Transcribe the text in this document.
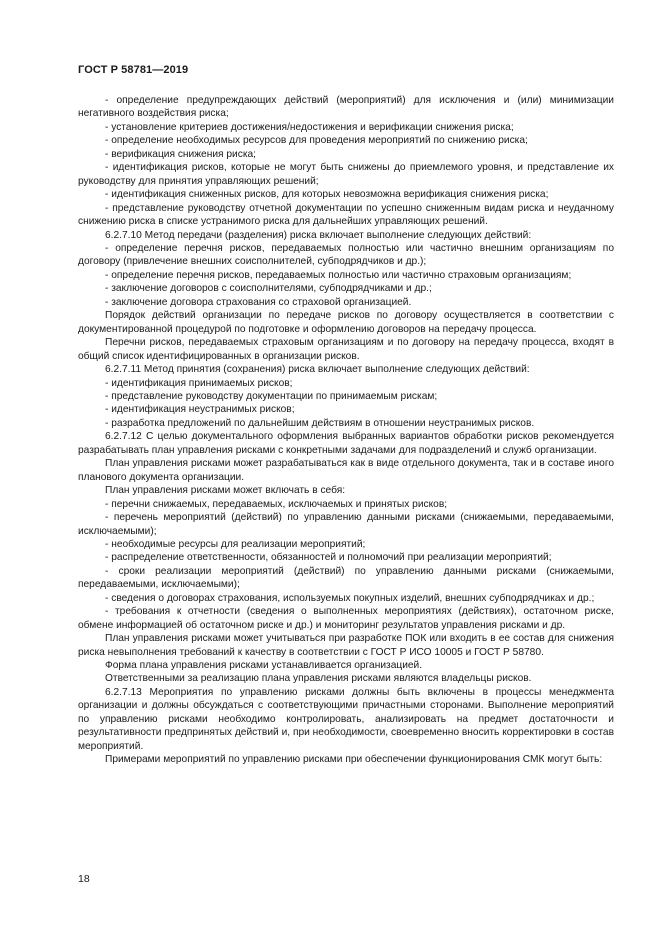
ГОСТ Р 58781—2019

- определение предупреждающих действий (мероприятий) для исключения и (или) минимизации негативного воздействия риска;

- установление критериев достижения/недостижения и верификации снижения риска;

- определение необходимых ресурсов для проведения мероприятий по снижению риска;

- верификация снижения риска;

- идентификация рисков, которые не могут быть снижены до приемлемого уровня, и представление их руководству для принятия управляющих решений;

- идентификация сниженных рисков, для которых невозможна верификация снижения риска;

- представление руководству отчетной документации по успешно сниженным видам риска и неудачному снижению риска в списке устранимого риска для дальнейших управляющих решений.

6.2.7.10 Метод передачи (разделения) риска включает выполнение следующих действий:

- определение перечня рисков, передаваемых полностью или частично внешним организациям по договору (привлечение внешних соисполнителей, субподрядчиков и др.);

- определение перечня рисков, передаваемых полностью или частично страховым организациям;

- заключение договоров с соисполнителями, субподрядчиками и др.;

- заключение договора страхования со страховой организацией.

Порядок действий организации по передаче рисков по договору осуществляется в соответствии с документированной процедурой по подготовке и оформлению договоров на передачу процесса.

Перечни рисков, передаваемых страховым организациям и по договору на передачу процесса, входят в общий список идентифицированных в организации рисков.

6.2.7.11 Метод принятия (сохранения) риска включает выполнение следующих действий:

- идентификация принимаемых рисков;

- представление руководству документации по принимаемым рискам;

- идентификация неустранимых рисков;

- разработка предложений по дальнейшим действиям в отношении неустранимых рисков.

6.2.7.12 С целью документального оформления выбранных вариантов обработки рисков рекомендуется разрабатывать план управления рисками с конкретными задачами для подразделений и служб организации.

План управления рисками может разрабатываться как в виде отдельного документа, так и в составе иного планового документа организации.

План управления рисками может включать в себя:

- перечни снижаемых, передаваемых, исключаемых и принятых рисков;

- перечень мероприятий (действий) по управлению данными рисками (снижаемыми, передаваемыми, исключаемыми);

- необходимые ресурсы для реализации мероприятий;

- распределение ответственности, обязанностей и полномочий при реализации мероприятий;

- сроки реализации мероприятий (действий) по управлению данными рисками (снижаемыми, передаваемыми, исключаемыми);

- сведения о договорах страхования, используемых покупных изделий, внешних субподрядчиках и др.;

- требования к отчетности (сведения о выполненных мероприятиях (действиях), остаточном риске, обмене информацией об остаточном риске и др.) и мониторинг результатов управления рисками и др.

План управления рисками может учитываться при разработке ПОК или входить в ее состав для снижения риска невыполнения требований к качеству в соответствии с ГОСТ Р ИСО 10005 и ГОСТ Р 58780.

Форма плана управления рисками устанавливается организацией.

Ответственными за реализацию плана управления рисками являются владельцы рисков.

6.2.7.13 Мероприятия по управлению рисками должны быть включены в процессы менеджмента организации и должны обсуждаться с соответствующими причастными сторонами. Выполнение мероприятий по управлению рисками необходимо контролировать, анализировать на предмет достаточности и результативности предпринятых действий и, при необходимости, своевременно вносить корректировки в состав мероприятий.

Примерами мероприятий по управлению рисками при обеспечении функционирования СМК могут быть:

18
